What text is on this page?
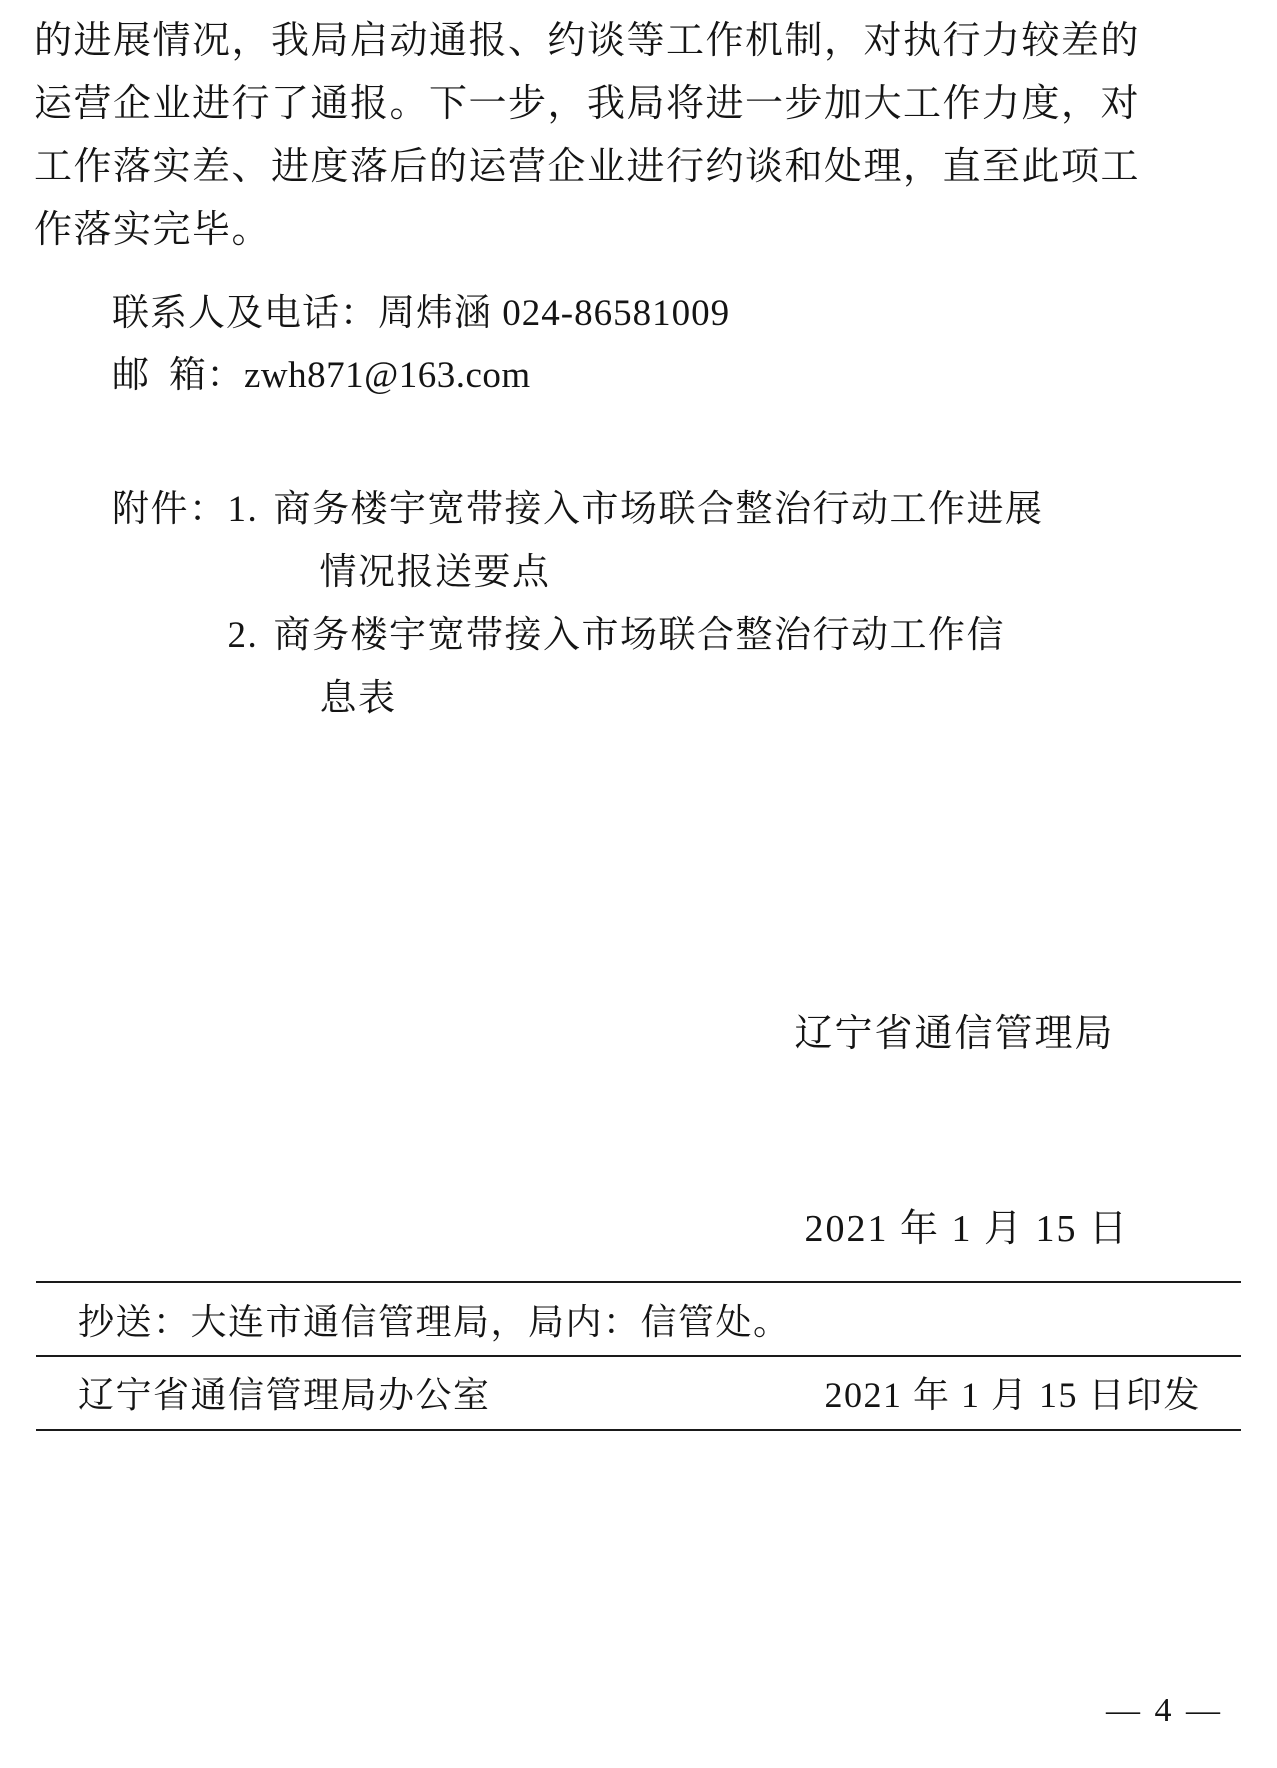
的进展情况，我局启动通报、约谈等工作机制，对执行力较差的
运营企业进行了通报。下一步，我局将进一步加大工作力度，对
工作落实差、进度落后的运营企业进行约谈和处理，直至此项工
作落实完毕。
联系人及电话：周炜涵 024-86581009
邮  箱：zwh871@163.com
附件： 1. 商务楼宇宽带接入市场联合整治行动工作进展
情况报送要点
2. 商务楼宇宽带接入市场联合整治行动工作信
息表

辽宁省通信管理局

2021 年 1 月 15 日

抄送：大连市通信管理局，局内：信管处。
辽宁省通信管理局办公室	2021 年 1 月 15 日印发
— 4 —
